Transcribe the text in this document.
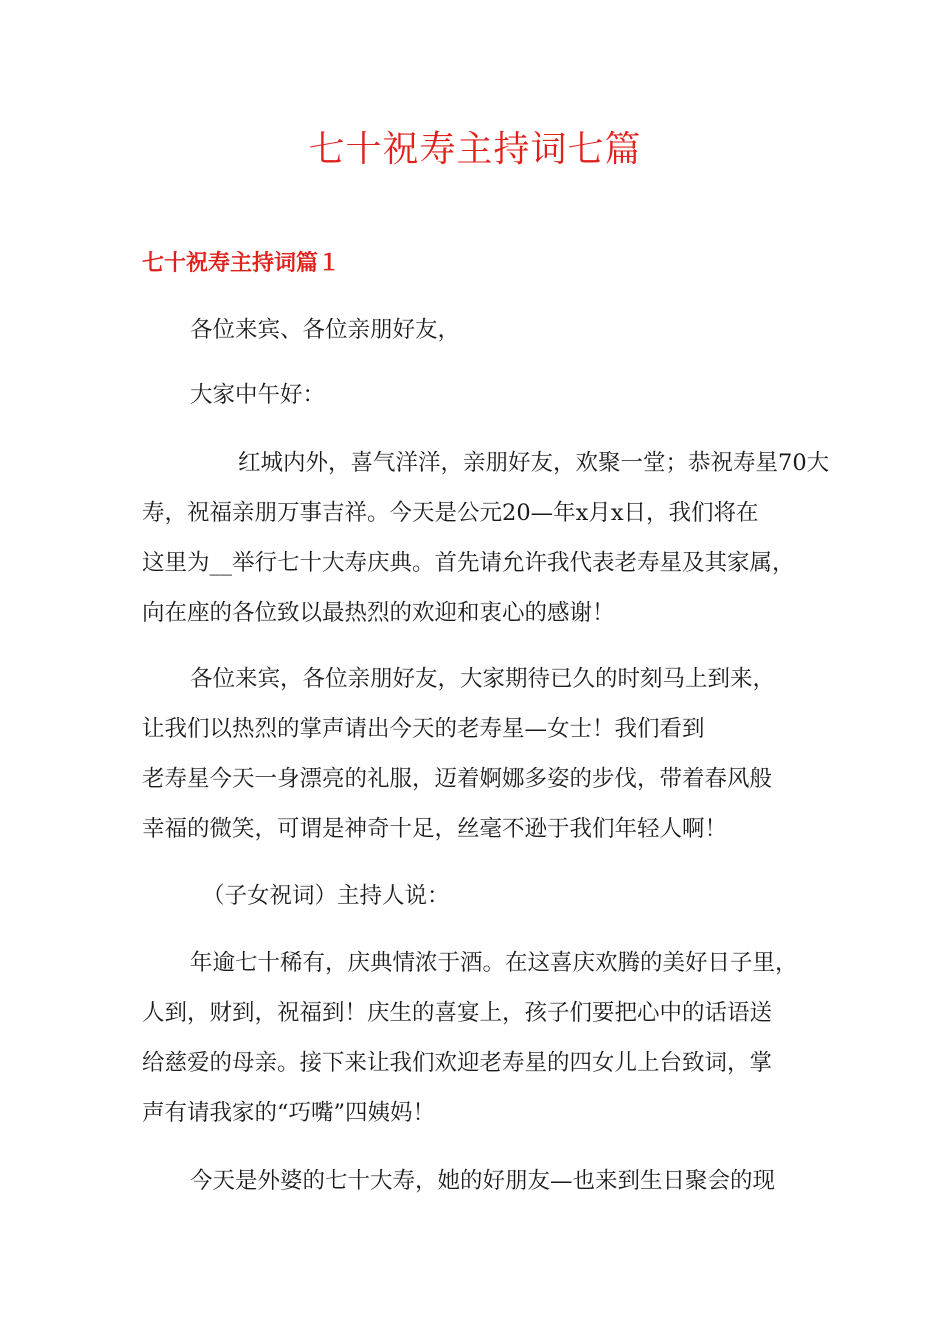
七十祝寿主持词七篇
七十祝寿主持词篇１

各位来宾、各位亲朋好友，

大家中午好：

红城内外，喜气洋洋，亲朋好友，欢聚一堂；恭祝寿星70大
寿，祝福亲朋万事吉祥。今天是公元20—年x月x日，我们将在
这里为__举行七十大寿庆典。首先请允许我代表老寿星及其家属，
向在座的各位致以最热烈的欢迎和衷心的感谢！

各位来宾，各位亲朋好友，大家期待已久的时刻马上到来，
让我们以热烈的掌声请出今天的老寿星—女士！我们看到
老寿星今天一身漂亮的礼服，迈着婀娜多姿的步伐，带着春风般
幸福的微笑，可谓是神奇十足，丝毫不逊于我们年轻人啊！

（子女祝词）主持人说：

年逾七十稀有，庆典情浓于酒。在这喜庆欢腾的美好日子里，
人到，财到，祝福到！庆生的喜宴上，孩子们要把心中的话语送
给慈爱的母亲。接下来让我们欢迎老寿星的四女儿上台致词，掌
声有请我家的“巧嘴”四姨妈！

今天是外婆的七十大寿，她的好朋友—也来到生日聚会的现
